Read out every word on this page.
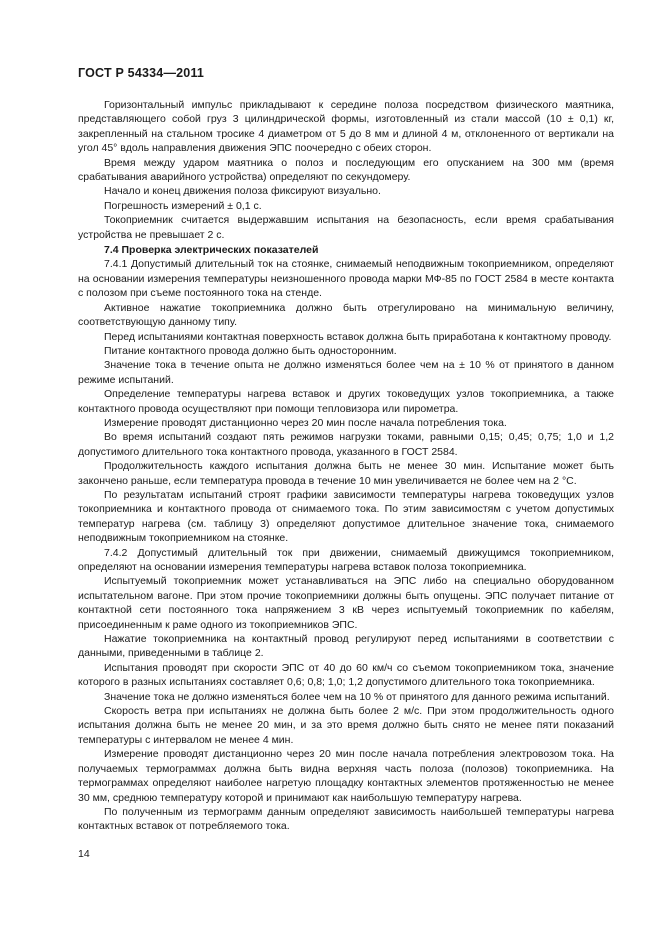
ГОСТ Р 54334—2011

Горизонтальный импульс прикладывают к середине полоза посредством физического маятника, представляющего собой груз 3 цилиндрической формы, изготовленный из стали массой (10 ± 0,1) кг, закрепленный на стальном тросике 4 диаметром от 5 до 8 мм и длиной 4 м, отклоненного от вертикали на угол 45° вдоль направления движения ЭПС поочередно с обеих сторон.

Время между ударом маятника о полоз и последующим его опусканием на 300 мм (время срабатывания аварийного устройства) определяют по секундомеру.

Начало и конец движения полоза фиксируют визуально.

Погрешность измерений ± 0,1 с.

Токоприемник считается выдержавшим испытания на безопасность, если время срабатывания устройства не превышает 2 с.

7.4 Проверка электрических показателей

7.4.1 Допустимый длительный ток на стоянке, снимаемый неподвижным токоприемником, определяют на основании измерения температуры неизношенного провода марки МФ-85 по ГОСТ 2584 в месте контакта с полозом при съеме постоянного тока на стенде.

Активное нажатие токоприемника должно быть отрегулировано на минимальную величину, соответствующую данному типу.

Перед испытаниями контактная поверхность вставок должна быть приработана к контактному проводу.

Питание контактного провода должно быть односторонним.

Значение тока в течение опыта не должно изменяться более чем на ± 10 % от принятого в данном режиме испытаний.

Определение температуры нагрева вставок и других токоведущих узлов токоприемника, а также контактного провода осуществляют при помощи тепловизора или пирометра.

Измерение проводят дистанционно через 20 мин после начала потребления тока.

Во время испытаний создают пять режимов нагрузки токами, равными 0,15; 0,45; 0,75; 1,0 и 1,2 допустимого длительного тока контактного провода, указанного в ГОСТ 2584.

Продолжительность каждого испытания должна быть не менее 30 мин. Испытание может быть закончено раньше, если температура провода в течение 10 мин увеличивается не более чем на 2 °С.

По результатам испытаний строят графики зависимости температуры нагрева токоведущих узлов токоприемника и контактного провода от снимаемого тока. По этим зависимостям с учетом допустимых температур нагрева (см. таблицу 3) определяют допустимое длительное значение тока, снимаемого неподвижным токоприемником на стоянке.

7.4.2 Допустимый длительный ток при движении, снимаемый движущимся токоприемником, определяют на основании измерения температуры нагрева вставок полоза токоприемника.

Испытуемый токоприемник может устанавливаться на ЭПС либо на специально оборудованном испытательном вагоне. При этом прочие токоприемники должны быть опущены. ЭПС получает питание от контактной сети постоянного тока напряжением 3 кВ через испытуемый токоприемник по кабелям, присоединенным к раме одного из токоприемников ЭПС.

Нажатие токоприемника на контактный провод регулируют перед испытаниями в соответствии с данными, приведенными в таблице 2.

Испытания проводят при скорости ЭПС от 40 до 60 км/ч со съемом токоприемником тока, значение которого в разных испытаниях составляет 0,6; 0,8; 1,0; 1,2 допустимого длительного тока токоприемника.

Значение тока не должно изменяться более чем на 10 % от принятого для данного режима испытаний.

Скорость ветра при испытаниях не должна быть более 2 м/с. При этом продолжительность одного испытания должна быть не менее 20 мин, и за это время должно быть снято не менее пяти показаний температуры с интервалом не менее 4 мин.

Измерение проводят дистанционно через 20 мин после начала потребления электровозом тока. На получаемых термограммах должна быть видна верхняя часть полоза (полозов) токоприемника. На термограммах определяют наиболее нагретую площадку контактных элементов протяженностью не менее 30 мм, среднюю температуру которой и принимают как наибольшую температуру нагрева.

По полученным из термограмм данным определяют зависимость наибольшей температуры нагрева контактных вставок от потребляемого тока.

14
